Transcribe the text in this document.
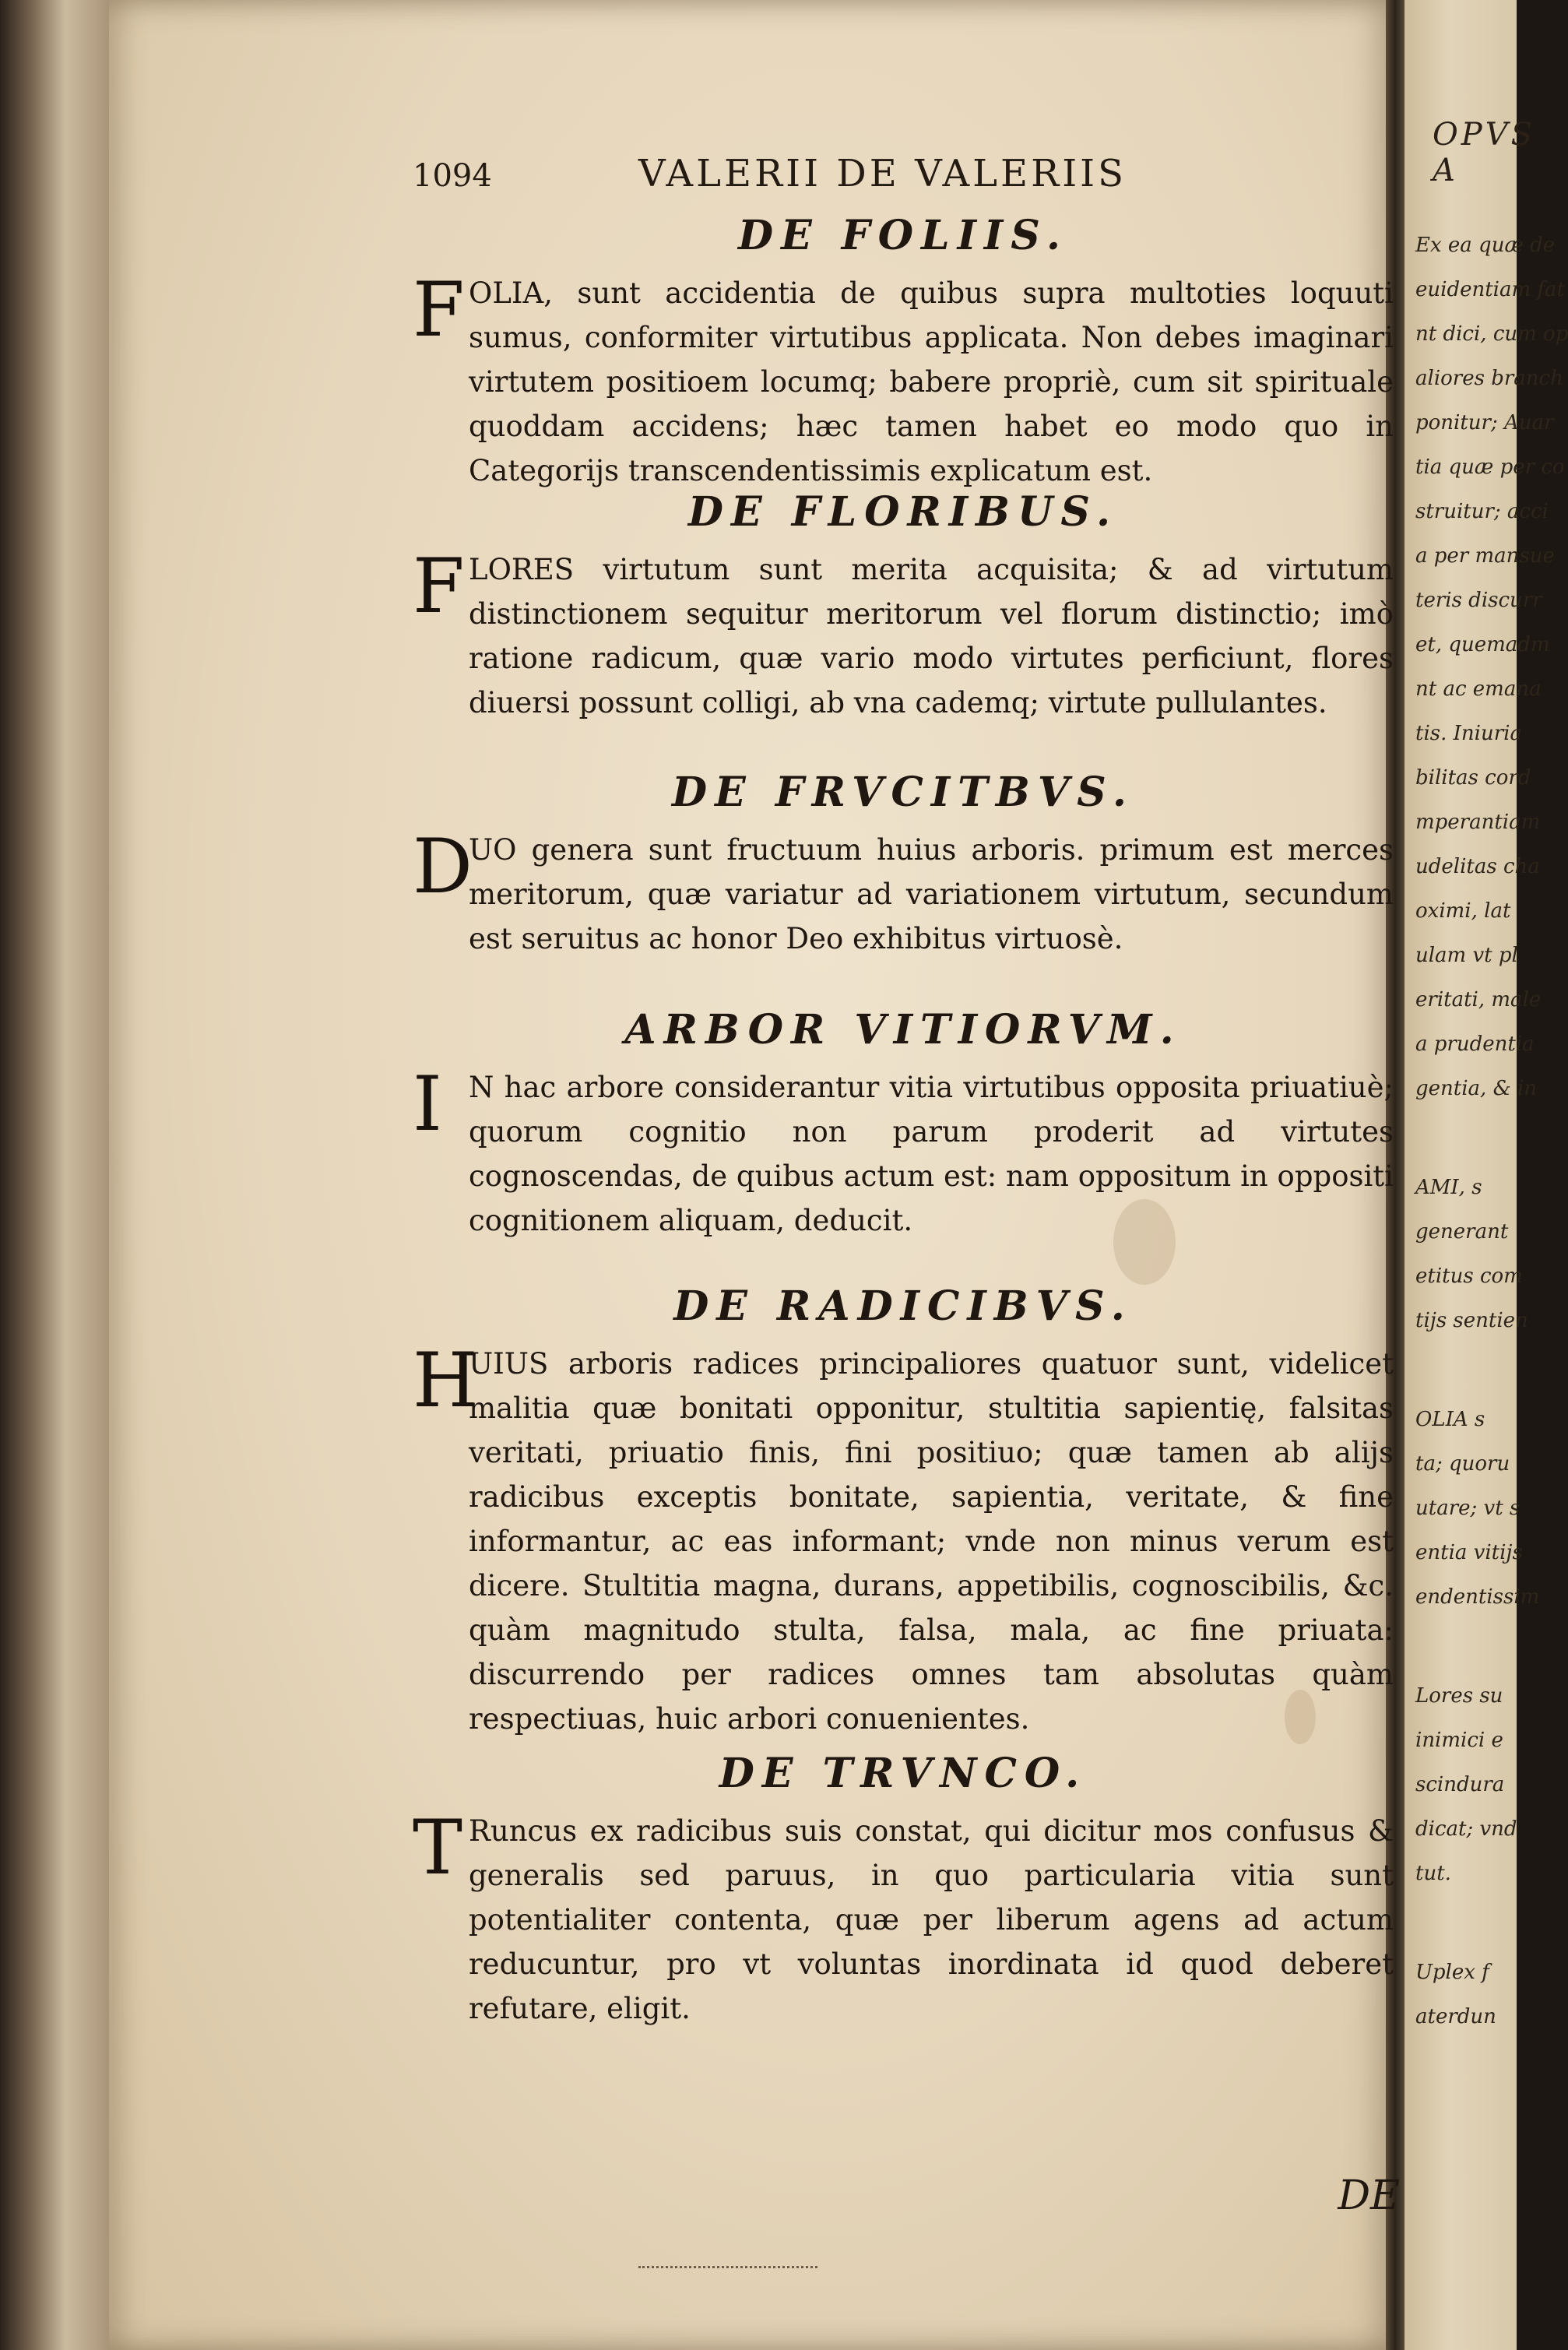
OPVS A
Ex ea quæ de
euidentiam fat
nt dici, cum op
aliores branch
ponitur; Auar
tia quæ per co
struitur; acci
a per mansue
teris discurr
et, quemadm
nt ac emana
tis. Iniuria
bilitas cord
mperantiam
udelitas cha
oximi, lat
ulam vt pl
eritati, male
a prudentia
gentia, & in
AMI, s
generant
etitus com
tijs sentien
OLIA s
ta; quoru
utare; vt s
entia vitijs
endentissim
Lores su
inimici e
scindura
dicat; vnd
tut.
Uplex f
aterdun
1094	VALERII DE VALERIIS
DE FOLIIS.

F OLIA, sunt accidentia de quibus supra multoties loquuti sumus, conformiter virtutibus applicata. Non debes imaginari virtutem positioem locumq; babere propriè, cum sit spirituale quoddam accidens; hæc tamen habet eo modo quo in Categorijs transcendentissimis explicatum est.

DE FLORIBUS.

F LORES virtutum sunt merita acquisita; & ad virtutum distinctionem sequitur meritorum vel florum distinctio; imò ratione radicum, quæ vario modo virtutes perficiunt, flores diuersi possunt colligi, ab vna cademq; virtute pullulantes.

DE FRVCITBVS.

D
UO genera sunt fructuum huius arboris. primum est merces meritorum, quæ variatur ad variationem virtutum, secundum est seruitus ac honor Deo exhibitus virtuosè.

ARBOR VITIORVM.

I N hac arbore considerantur vitia virtutibus opposita priuatiuè; quorum cognitio non parum proderit ad virtutes cognoscendas, de quibus actum est: nam oppositum in oppositi cognitionem aliquam, deducit.

DE RADICIBVS.

H
UIUS arboris radices principaliores quatuor sunt, videlicet malitia quæ bonitati opponitur, stultitia sapientię, falsitas veritati, priuatio finis, fini positiuo; quæ tamen ab alijs radicibus exceptis bonitate, sapientia, veritate, & fine informantur, ac eas informant; vnde non minus verum est dicere. Stultitia magna, durans, appetibilis, cognoscibilis, &c. quàm magnitudo stulta, falsa, mala, ac fine priuata: discurrendo per radices omnes tam absolutas quàm respectiuas, huic arbori conuenientes.

DE TRVNCO.

T Runcus ex radicibus suis constat, qui dicitur mos confusus & generalis sed paruus, in quo particularia vitia sunt potentialiter contenta, quæ per liberum agens ad actum reducuntur, pro vt voluntas inordinata id quod deberet refutare, eligit.

DE
